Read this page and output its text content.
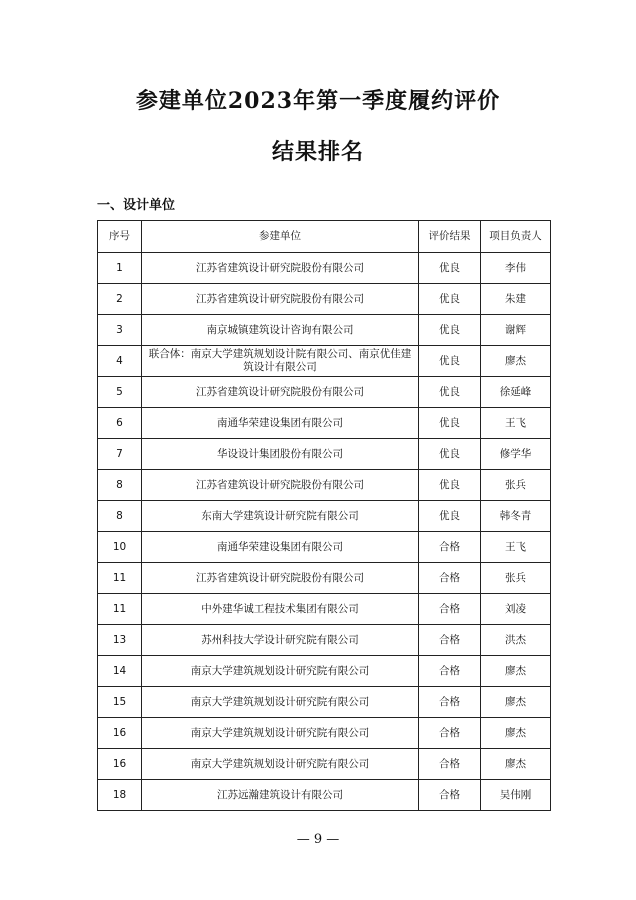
参建单位2023年第一季度履约评价
结果排名
一、设计单位
序号	参建单位	评价结果	项目负责人
1	江苏省建筑设计研究院股份有限公司	优良	李伟
2	江苏省建筑设计研究院股份有限公司	优良	朱建
3	南京城镇建筑设计咨询有限公司	优良	谢辉
4	联合体：南京大学建筑规划设计院有限公司、南京优佳建筑设计有限公司	优良	廖杰
5	江苏省建筑设计研究院股份有限公司	优良	徐延峰
6	南通华荣建设集团有限公司	优良	王飞
7	华设设计集团股份有限公司	优良	修学华
8	江苏省建筑设计研究院股份有限公司	优良	张兵
8	东南大学建筑设计研究院有限公司	优良	韩冬青
10	南通华荣建设集团有限公司	合格	王飞
11	江苏省建筑设计研究院股份有限公司	合格	张兵
11	中外建华诚工程技术集团有限公司	合格	刘凌
13	苏州科技大学设计研究院有限公司	合格	洪杰
14	南京大学建筑规划设计研究院有限公司	合格	廖杰
15	南京大学建筑规划设计研究院有限公司	合格	廖杰
16	南京大学建筑规划设计研究院有限公司	合格	廖杰
16	南京大学建筑规划设计研究院有限公司	合格	廖杰
18	江苏远瀚建筑设计有限公司	合格	吴伟刚
— 9 —
